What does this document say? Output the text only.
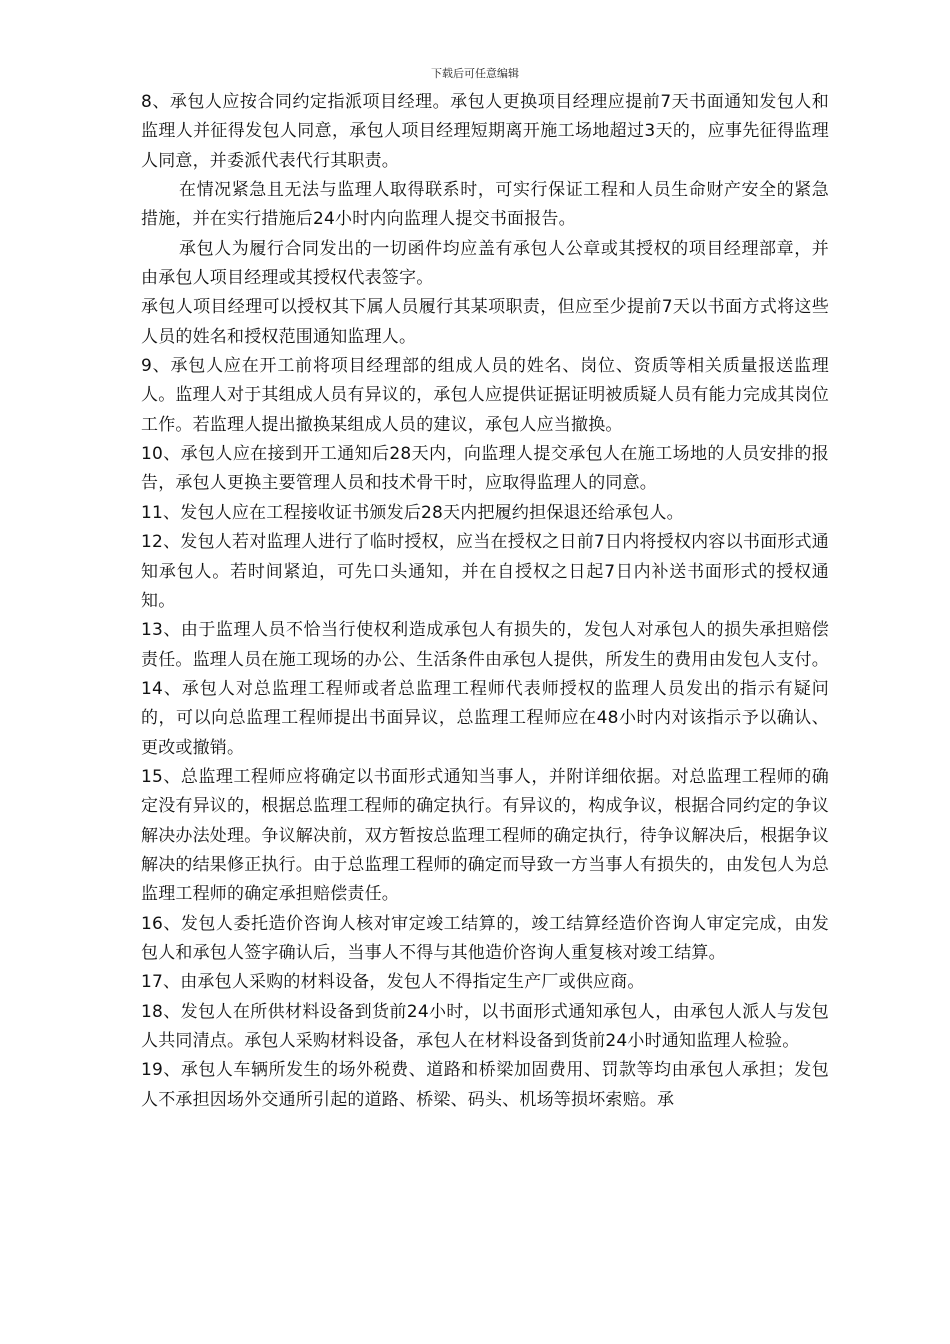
下载后可任意编辑

8、承包人应按合同约定指派项目经理。承包人更换项目经理应提前7天书面通知发包人和监理人并征得发包人同意，承包人项目经理短期离开施工场地超过3天的，应事先征得监理人同意，并委派代表代行其职责。

在情况紧急且无法与监理人取得联系时，可实行保证工程和人员生命财产安全的紧急措施，并在实行措施后24小时内向监理人提交书面报告。

承包人为履行合同发出的一切函件均应盖有承包人公章或其授权的项目经理部章，并由承包人项目经理或其授权代表签字。

承包人项目经理可以授权其下属人员履行其某项职责，但应至少提前7天以书面方式将这些人员的姓名和授权范围通知监理人。

9、承包人应在开工前将项目经理部的组成人员的姓名、岗位、资质等相关质量报送监理人。监理人对于其组成人员有异议的，承包人应提供证据证明被质疑人员有能力完成其岗位工作。若监理人提出撤换某组成人员的建议，承包人应当撤换。

10、承包人应在接到开工通知后28天内，向监理人提交承包人在施工场地的人员安排的报告，承包人更换主要管理人员和技术骨干时，应取得监理人的同意。

11、发包人应在工程接收证书颁发后28天内把履约担保退还给承包人。

12、发包人若对监理人进行了临时授权，应当在授权之日前7日内将授权内容以书面形式通知承包人。若时间紧迫，可先口头通知，并在自授权之日起7日内补送书面形式的授权通知。

13、由于监理人员不恰当行使权利造成承包人有损失的，发包人对承包人的损失承担赔偿责任。监理人员在施工现场的办公、生活条件由承包人提供，所发生的费用由发包人支付。

14、承包人对总监理工程师或者总监理工程师代表师授权的监理人员发出的指示有疑问的，可以向总监理工程师提出书面异议，总监理工程师应在48小时内对该指示予以确认、更改或撤销。

15、总监理工程师应将确定以书面形式通知当事人，并附详细依据。对总监理工程师的确定没有异议的，根据总监理工程师的确定执行。有异议的，构成争议，根据合同约定的争议解决办法处理。争议解决前，双方暂按总监理工程师的确定执行，待争议解决后，根据争议解决的结果修正执行。由于总监理工程师的确定而导致一方当事人有损失的，由发包人为总监理工程师的确定承担赔偿责任。

16、发包人委托造价咨询人核对审定竣工结算的，竣工结算经造价咨询人审定完成，由发包人和承包人签字确认后，当事人不得与其他造价咨询人重复核对竣工结算。

17、由承包人采购的材料设备，发包人不得指定生产厂或供应商。

18、发包人在所供材料设备到货前24小时，以书面形式通知承包人，由承包人派人与发包人共同清点。承包人采购材料设备，承包人在材料设备到货前24小时通知监理人检验。

19、承包人车辆所发生的场外税费、道路和桥梁加固费用、罚款等均由承包人承担；发包人不承担因场外交通所引起的道路、桥梁、码头、机场等损坏索赔。承
